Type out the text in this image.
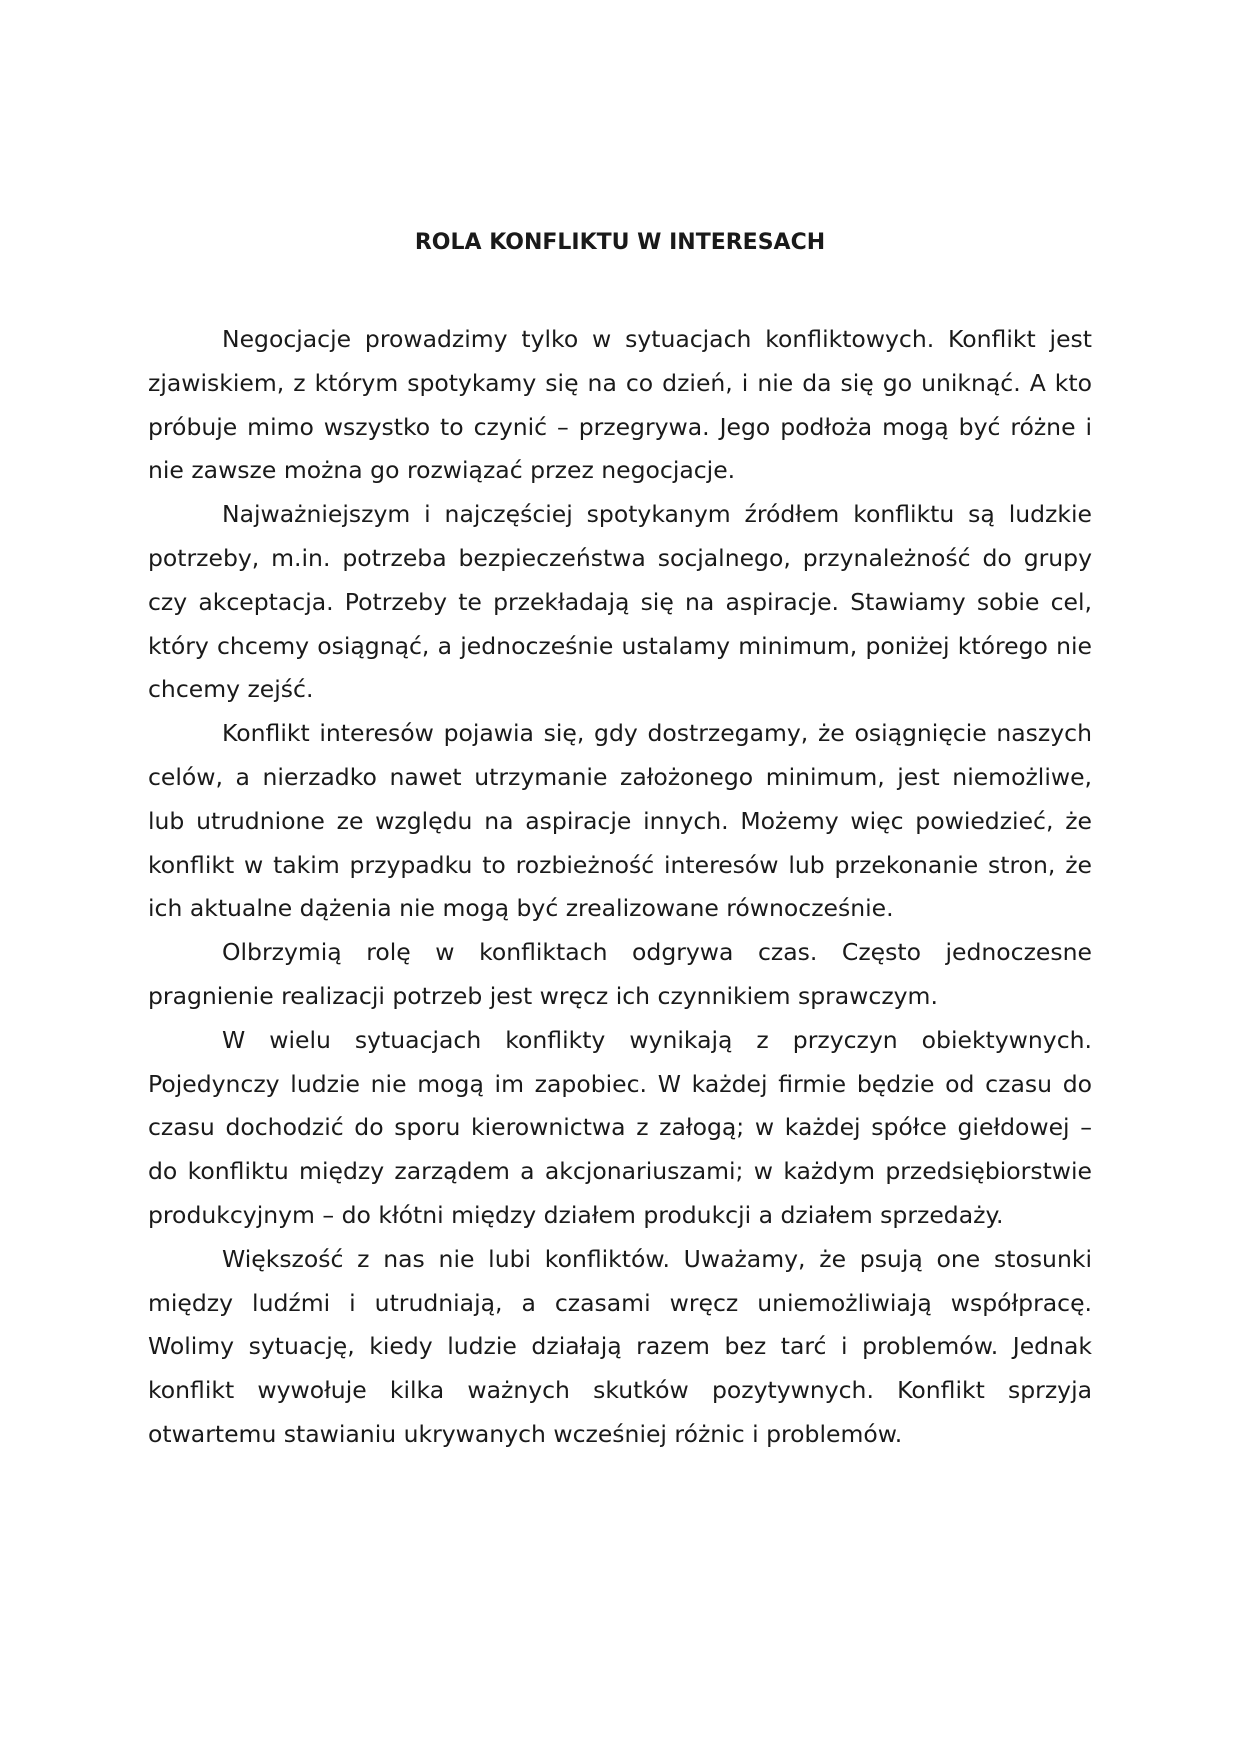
ROLA KONFLIKTU W INTERESACH

Negocjacje prowadzimy tylko w sytuacjach konfliktowych. Konflikt jest zjawiskiem, z którym spotykamy się na co dzień, i nie da się go uniknąć. A kto próbuje mimo wszystko to czynić – przegrywa. Jego podłoża mogą być różne i nie zawsze można go rozwiązać przez negocjacje.

Najważniejszym i najczęściej spotykanym źródłem konfliktu są ludzkie potrzeby, m.in. potrzeba bezpieczeństwa socjalnego, przynależność do grupy czy akceptacja. Potrzeby te przekładają się na aspiracje. Stawiamy sobie cel, który chcemy osiągnąć, a jednocześnie ustalamy minimum, poniżej którego nie chcemy zejść.

Konflikt interesów pojawia się, gdy dostrzegamy, że osiągnięcie naszych celów, a nierzadko nawet utrzymanie założonego minimum, jest niemożliwe, lub utrudnione ze względu na aspiracje innych. Możemy więc powiedzieć, że konflikt w takim przypadku to rozbieżność interesów lub przekonanie stron, że ich aktualne dążenia nie mogą być zrealizowane równocześnie.

Olbrzymią rolę w konfliktach odgrywa czas. Często jednoczesne pragnienie realizacji potrzeb jest wręcz ich czynnikiem sprawczym.

W wielu sytuacjach konflikty wynikają z przyczyn obiektywnych. Pojedynczy ludzie nie mogą im zapobiec. W każdej firmie będzie od czasu do czasu dochodzić do sporu kierownictwa z załogą; w każdej spółce giełdowej – do konfliktu między zarządem a akcjonariuszami; w każdym przedsiębiorstwie produkcyjnym – do kłótni między działem produkcji a działem sprzedaży.

Większość z nas nie lubi konfliktów. Uważamy, że psują one stosunki między ludźmi i utrudniają, a czasami wręcz uniemożliwiają współpracę. Wolimy sytuację, kiedy ludzie działają razem bez tarć i problemów. Jednak konflikt wywołuje kilka ważnych skutków pozytywnych. Konflikt sprzyja otwartemu stawianiu ukrywanych wcześniej różnic i problemów.
